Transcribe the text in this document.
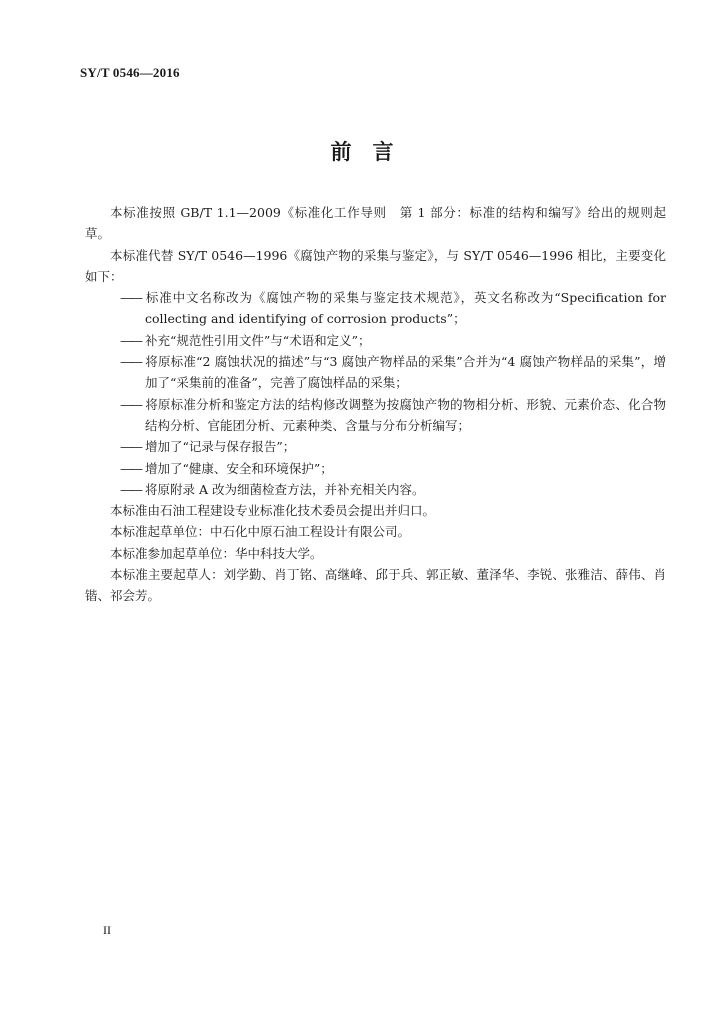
SY/T 0546—2016
前　言

本标准按照 GB/T 1.1—2009《标准化工作导则　第 1 部分：标准的结构和编写》给出的规则起草。

本标准代替 SY/T 0546—1996《腐蚀产物的采集与鉴定》，与 SY/T 0546—1996 相比，主要变化如下：

—— 标准中文名称改为《腐蚀产物的采集与鉴定技术规范》，英文名称改为“Specification for collecting and identifying of corrosion products”；

—— 补充“规范性引用文件”与“术语和定义”；

—— 将原标准“2 腐蚀状况的描述”与“3 腐蚀产物样品的采集”合并为“4 腐蚀产物样品的采集”，增加了“采集前的准备”，完善了腐蚀样品的采集；

—— 将原标准分析和鉴定方法的结构修改调整为按腐蚀产物的物相分析、形貌、元素价态、化合物结构分析、官能团分析、元素种类、含量与分布分析编写；

—— 增加了“记录与保存报告”；

—— 增加了“健康、安全和环境保护”；

—— 将原附录 A 改为细菌检查方法，并补充相关内容。

本标准由石油工程建设专业标准化技术委员会提出并归口。

本标准起草单位：中石化中原石油工程设计有限公司。

本标准参加起草单位：华中科技大学。

本标准主要起草人：刘学勤、肖丁铭、高继峰、邱于兵、郭正敏、董泽华、李锐、张雅洁、薛伟、肖锴、祁会芳。

II
